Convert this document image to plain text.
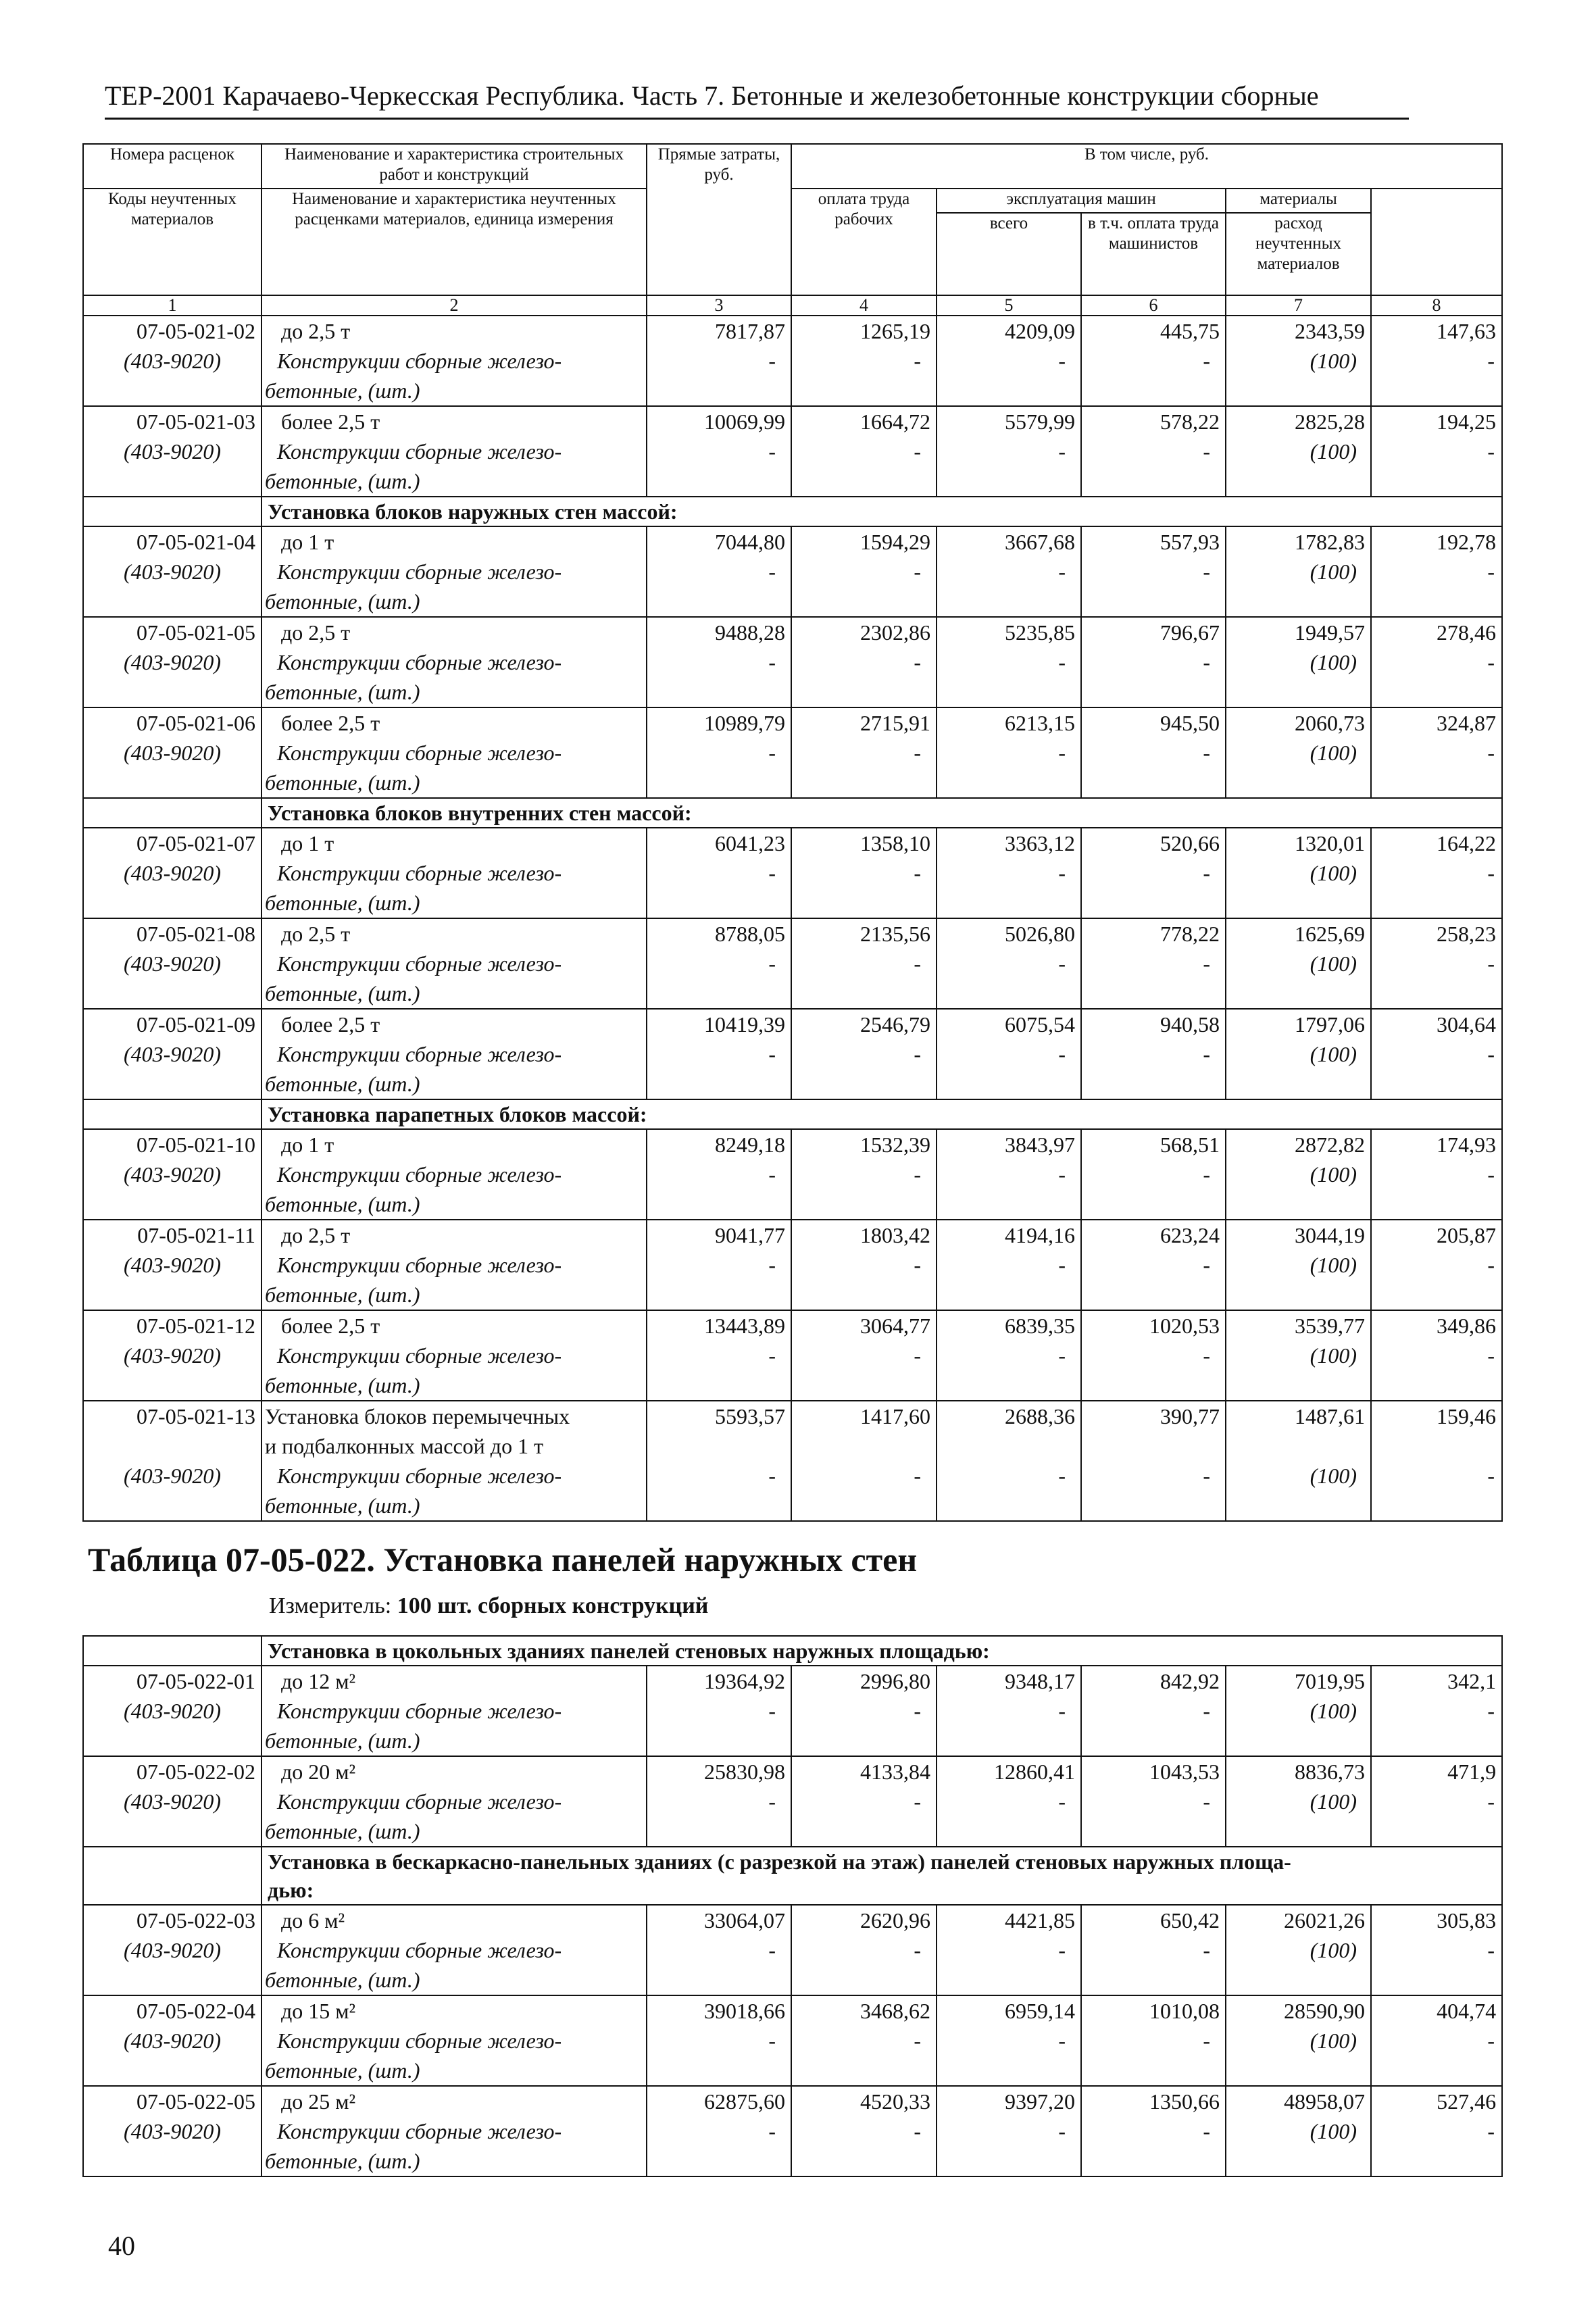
ТЕР-2001 Карачаево-Черкесская Республика. Часть 7. Бетонные и железобетонные конструкции сборные
Номера расценок	Наименование и характеристика строительных работ и конструкций	Прямые затраты, руб.	В том числе, руб.	
Коды неучтенных материалов	Наименование и характеристика неучтенных расценками материалов, единица измерения		оплата труда рабочих	эксплуатация машин		материалы		
				всего	в т.ч. оплата труда машинистов	расход неучтенных материалов		
1	2	3	4	5	6	7	8	
07-05-021-02	до 2,5 т	7817,87	1265,19	4209,09	445,75	2343,59	147,63	
(403-9020)	Конструкции сборные железо-	-	-	-	-	(100)	-	
	бетонные, (шт.)							
07-05-021-03	более 2,5 т	10069,99	1664,72	5579,99	578,22	2825,28	194,25	
(403-9020)	Конструкции сборные железо-	-	-	-	-	(100)	-	
	бетонные, (шт.)							
	Установка блоков наружных стен массой:							
07-05-021-04	до 1 т	7044,80	1594,29	3667,68	557,93	1782,83	192,78	
(403-9020)	Конструкции сборные железо-	-	-	-	-	(100)	-	
	бетонные, (шт.)							
07-05-021-05	до 2,5 т	9488,28	2302,86	5235,85	796,67	1949,57	278,46	
(403-9020)	Конструкции сборные железо-	-	-	-	-	(100)	-	
	бетонные, (шт.)							
07-05-021-06	более 2,5 т	10989,79	2715,91	6213,15	945,50	2060,73	324,87	
(403-9020)	Конструкции сборные железо-	-	-	-	-	(100)	-	
	бетонные, (шт.)							
	Установка блоков внутренних стен массой:							
07-05-021-07	до 1 т	6041,23	1358,10	3363,12	520,66	1320,01	164,22	
(403-9020)	Конструкции сборные железо-	-	-	-	-	(100)	-	
	бетонные, (шт.)							
07-05-021-08	до 2,5 т	8788,05	2135,56	5026,80	778,22	1625,69	258,23	
(403-9020)	Конструкции сборные железо-	-	-	-	-	(100)	-	
	бетонные, (шт.)							
07-05-021-09	более 2,5 т	10419,39	2546,79	6075,54	940,58	1797,06	304,64	
(403-9020)	Конструкции сборные железо-	-	-	-	-	(100)	-	
	бетонные, (шт.)							
	Установка парапетных блоков массой:							
07-05-021-10	до 1 т	8249,18	1532,39	3843,97	568,51	2872,82	174,93	
(403-9020)	Конструкции сборные железо-	-	-	-	-	(100)	-	
	бетонные, (шт.)							
07-05-021-11	до 2,5 т	9041,77	1803,42	4194,16	623,24	3044,19	205,87	
(403-9020)	Конструкции сборные железо-	-	-	-	-	(100)	-	
	бетонные, (шт.)							
07-05-021-12	более 2,5 т	13443,89	3064,77	6839,35	1020,53	3539,77	349,86	
(403-9020)	Конструкции сборные железо-	-	-	-	-	(100)	-	
	бетонные, (шт.)							
07-05-021-13	Установка блоков перемычечных	5593,57	1417,60	2688,36	390,77	1487,61	159,46	
	и подбалконных массой до 1 т							
(403-9020)	Конструкции сборные железо-	-	-	-	-	(100)	-	
	бетонные, (шт.)							
Таблица 07-05-022. Установка панелей наружных стен
Измеритель: 100 шт. сборных конструкций
	Установка в цокольных зданиях панелей стеновых наружных площадью:						
07-05-022-01	до 12 м²	19364,92	2996,80	9348,17	842,92	7019,95	342,1
(403-9020)	Конструкции сборные железо-	-	-	-	-	(100)	-
	бетонные, (шт.)						
07-05-022-02	до 20 м²	25830,98	4133,84	12860,41	1043,53	8836,73	471,9
(403-9020)	Конструкции сборные железо-	-	-	-	-	(100)	-
	бетонные, (шт.)						

	Установка в бескаркасно-панельных зданиях (с разрезкой на этаж) панелей стеновых наружных площа-
дью:						

07-05-022-03	до 6 м²	33064,07	2620,96	4421,85	650,42	26021,26	305,83
(403-9020)	Конструкции сборные железо-	-	-	-	-	(100)	-
	бетонные, (шт.)						
07-05-022-04	до 15 м²	39018,66	3468,62	6959,14	1010,08	28590,90	404,74
(403-9020)	Конструкции сборные железо-	-	-	-	-	(100)	-
	бетонные, (шт.)						
07-05-022-05	до 25 м²	62875,60	4520,33	9397,20	1350,66	48958,07	527,46
(403-9020)	Конструкции сборные железо-	-	-	-	-	(100)	-
	бетонные, (шт.)						
40
